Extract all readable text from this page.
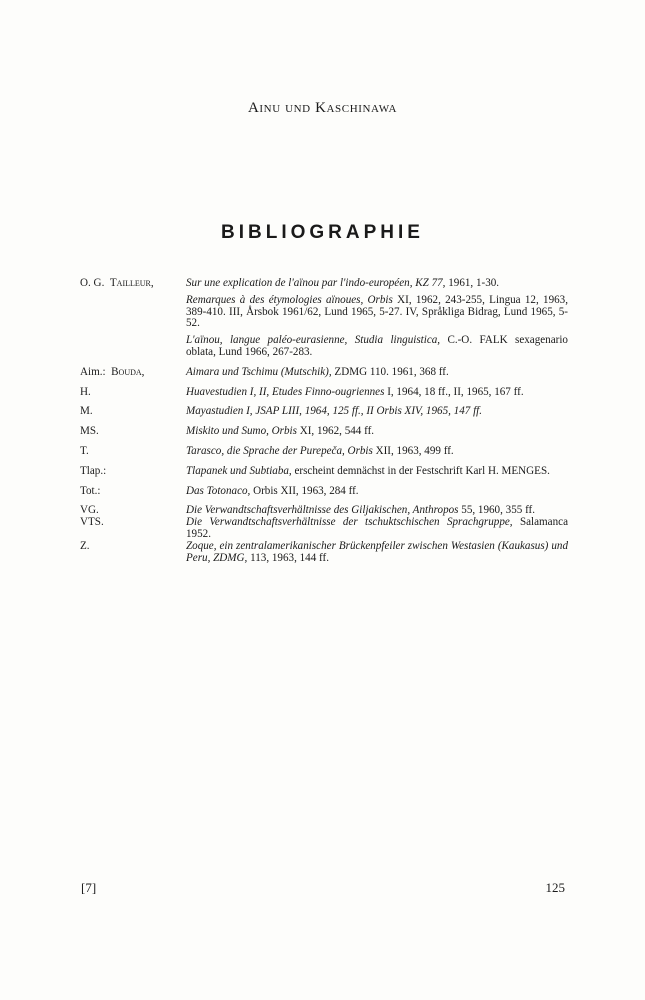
Ainu und Kaschinawa
BIBLIOGRAPHIE
O. G. Tailleur,	Sur une explication de l'aïnou par l'indo-européen, KZ 77, 1961, 1-30.
Remarques à des étymologies aïnoues, Orbis XI, 1962, 243-255, Lingua 12, 1963, 389-410. III, Årsbok 1961/62, Lund 1965, 5-27. IV, Språkliga Bidrag, Lund 1965, 5-52.
L'aïnou, langue paléo-eurasienne, Studia linguistica, C.-O. FALK sexagenario oblata, Lund 1966, 267-283.
Aim.: Bouda,	Aimara und Tschimu (Mutschik), ZDMG 110. 1961, 368 ff.
H.	Huavestudien I, II, Etudes Finno-ougriennes I, 1964, 18 ff., II, 1965, 167 ff.
M.	Mayastudien I, JSAP LIII, 1964, 125 ff., II Orbis XIV, 1965, 147 ff.
MS.	Miskito und Sumo, Orbis XI, 1962, 544 ff.
T.	Tarasco, die Sprache der Purepeča, Orbis XII, 1963, 499 ff.
Tlap.:	Tlapanek und Subtiaba, erscheint demnächst in der Festschrift Karl H. MENGES.
Tot.:	Das Totonaco, Orbis XII, 1963, 284 ff.
VG.	Die Verwandtschaftsverhältnisse des Giljakischen, Anthropos 55, 1960, 355 ff.
VTS.	Die Verwandtschaftsverhältnisse der tschuktschischen Sprachgruppe, Salamanca 1952.
Z.	Zoque, ein zentralamerikanischer Brückenpfeiler zwischen Westasien (Kaukasus) und Peru, ZDMG, 113, 1963, 144 ff.
[7]	125
